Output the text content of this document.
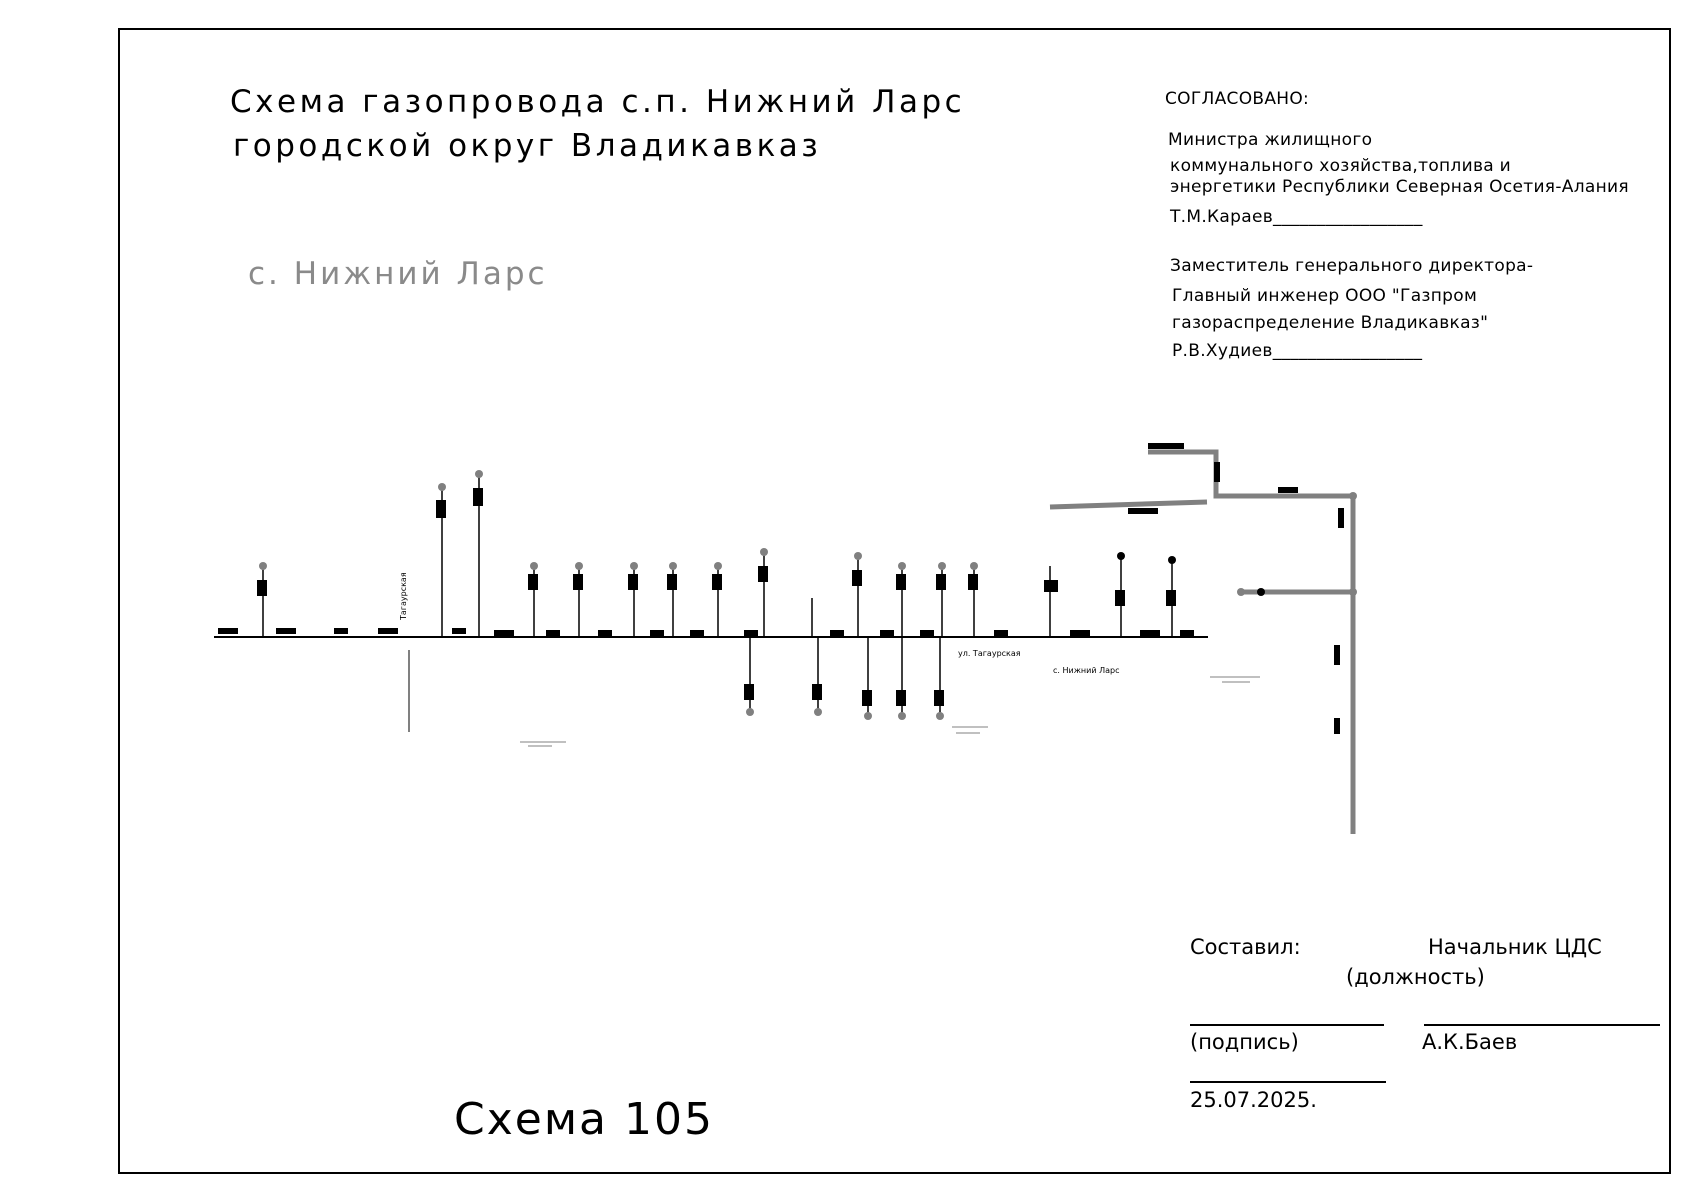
Схема газопровода с.п. Нижний Ларс
городской округ Владикавказ
с. Нижний Ларс
СОГЛАСОВАНО:
Министра жилищного
коммунального хозяйства,топлива и
энергетики Республики Северная Осетия-Алания
Т.М.Караев_________________
Заместитель генерального директора-
Главный инженер ООО "Газпром
газораспределение Владикавказ"
Р.В.Худиев_________________
Составил:	Начальник ЦДС
(должность)
(подпись)	А.К.Баев
25.07.2025.
Схема 105
Тагаурская
ул. Тагаурская
с. Нижний Ларс
